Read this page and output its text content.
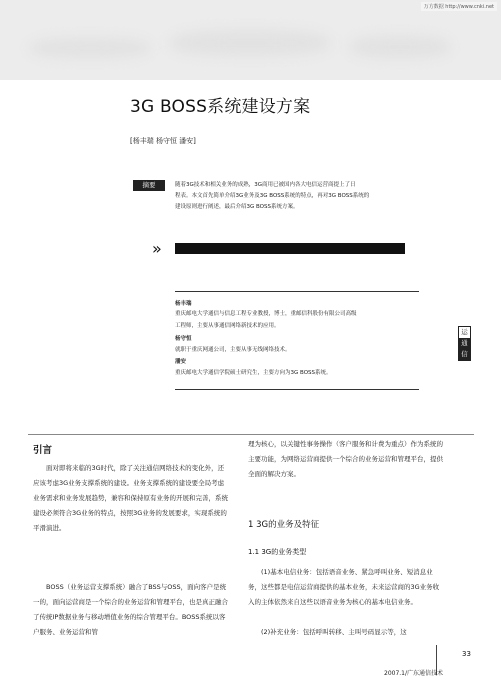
万方数据 http://www.cnki.net
3G BOSS系统建设方案
[杨丰瑞 杨守恒 潘安]
摘要	随着3G技术和相关业务的成熟，3G商用已被国内各大电信运营商提上了日
程表。本文首先简单介绍3G业务及3G BOSS系统的特点，再对3G BOSS系统的
建设原则进行阐述，最后介绍3G BOSS系统方案。
»
杨丰瑞
重庆邮电大学通信与信息工程专业教授，博士，重邮信科股份有限公司高级
工程师，主要从事通信网络新技术的应用。
杨守恒
就职于重庆网通公司，主要从事无线网络技术。
潘安
重庆邮电大学通信学院硕士研究生，主要方向为3G BOSS系统。
运
通
信
引言
面对即将来临的3G时代，除了关注通信网络技术的变化外，还应该考虑3G业务支撑系统的建设。业务支撑系统的建设要全局考虑业务需求和业务发展趋势，兼容和保持原有业务的开展和完善，系统建设必须符合3G业务的特点，按照3G业务的发展要求，实现系统的平滑演进。
BOSS（业务运营支撑系统）融合了BSS与OSS，面向客户是统一的，面向运营商是一个综合的业务运营和管理平台，也是真正融合了传统IP数据业务与移动增值业务的综合管理平台。BOSS系统以客户服务、业务运营和管
理为核心，以关键性事务操作（客户服务和计费为重点）作为系统的主要功能，为网络运营商提供一个综合的业务运营和管理平台，提供全面的解决方案。
1 3G的业务及特征
1.1 3G的业务类型
(1)基本电信业务：包括语音业务、紧急呼叫业务、短消息业务，这些都是电信运营商提供的基本业务，未来运营商的3G业务收入的主体依然来自这些以语音业务为核心的基本电信业务。
(2)补充业务：包括呼叫转移、主叫号码显示等，这
33
2007.1/广东通信技术
